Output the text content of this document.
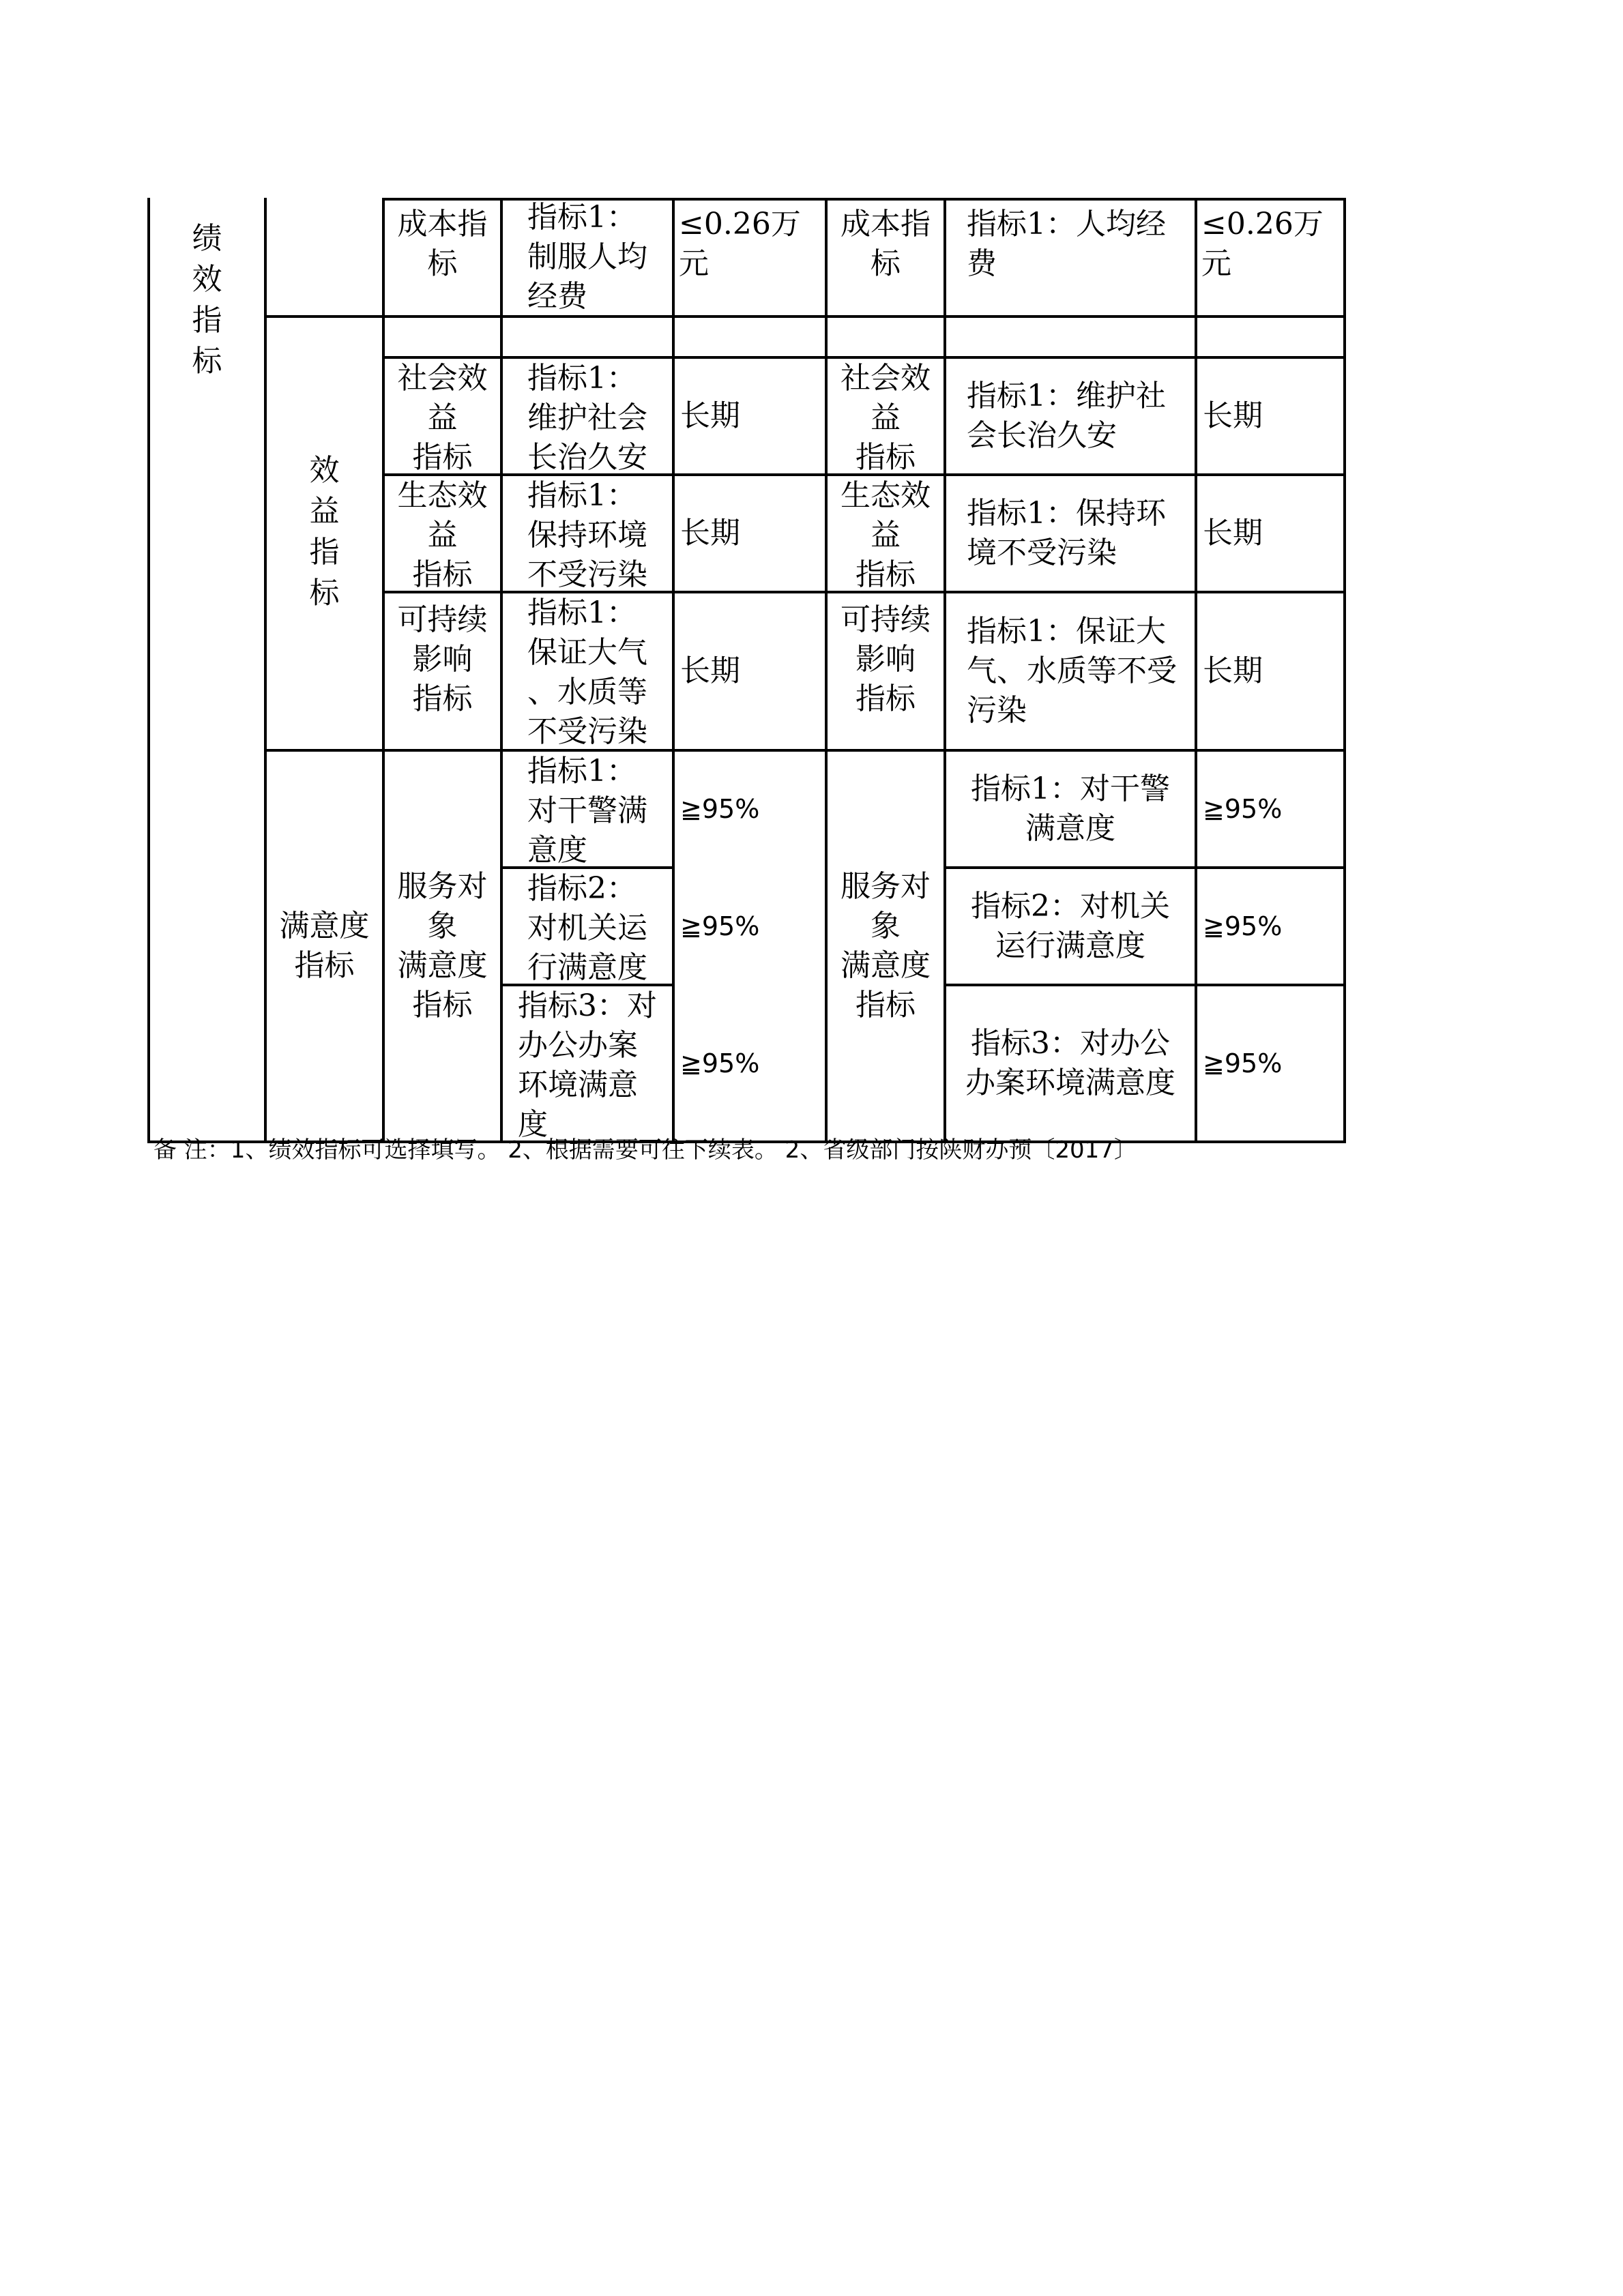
绩效指标
效益指标
满意度指标
成本指
标
指标1：
制服人均
经费
≤0.26万
元
成本指
标
指标1：人均经
费
≤0.26万
元
社会效
益
指标
指标1：
维护社会
长治久安
长期
社会效
益
指标
指标1：维护社
会长治久安
长期
生态效
益
指标
指标1：
保持环境
不受污染
长期
生态效
益
指标
指标1：保持环
境不受污染
长期
可持续
影响
指标
指标1：
保证大气
、水质等
不受污染
长期
可持续
影响
指标
指标1：保证大
气、水质等不受
污染
长期
服务对
象
满意度
指标
服务对
象
满意度
指标
指标1：
对干警满
意度
≧95%
指标1：对干警
满意度
≧95%
指标2：
对机关运
行满意度
≧95%
指标2：对机关
运行满意度
≧95%
指标3：对
办公办案
环境满意
度
≧95%
指标3：对办公
办案环境满意度
≧95%
备 注：1、绩效指标可选择填写。 2、根据需要可往下续表。 2、省级部门按陕财办预〔2017〕
